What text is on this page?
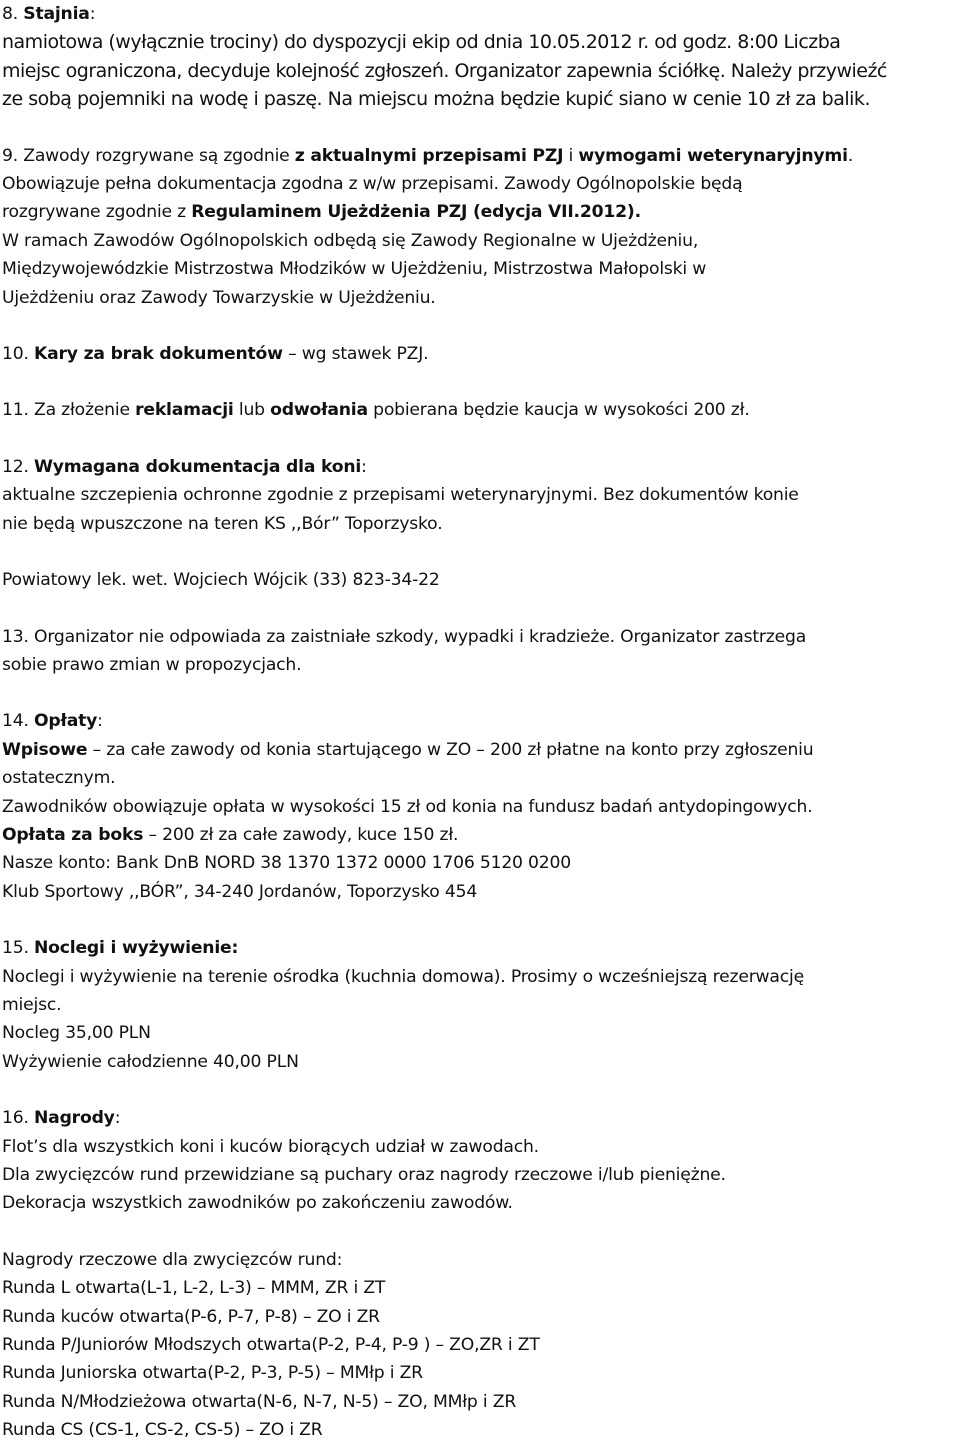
8. Stajnia:

namiotowa (wyłącznie trociny) do dyspozycji ekip od dnia 10.05.2012 r. od godz. 8:00 Liczba

miejsc ograniczona, decyduje kolejność zgłoszeń. Organizator zapewnia ściółkę. Należy przywieźć

ze sobą pojemniki na wodę i paszę. Na miejscu można będzie kupić siano w cenie 10 zł za balik.

9. Zawody rozgrywane są zgodnie z aktualnymi przepisami PZJ i wymogami weterynaryjnymi.

Obowiązuje pełna dokumentacja zgodna z w/w przepisami. Zawody Ogólnopolskie będą

rozgrywane zgodnie z Regulaminem Ujeżdżenia PZJ (edycja VII.2012).

W ramach Zawodów Ogólnopolskich odbędą się Zawody Regionalne w Ujeżdżeniu,

Międzywojewódzkie Mistrzostwa Młodzików w Ujeżdżeniu, Mistrzostwa Małopolski w

Ujeżdżeniu oraz Zawody Towarzyskie w Ujeżdżeniu.

10. Kary za brak dokumentów – wg stawek PZJ.

11. Za złożenie reklamacji lub odwołania pobierana będzie kaucja w wysokości 200 zł.

12. Wymagana dokumentacja dla koni:

aktualne szczepienia ochronne zgodnie z przepisami weterynaryjnymi. Bez dokumentów konie

nie będą wpuszczone na teren KS ,,Bór” Toporzysko.

Powiatowy lek. wet. Wojciech Wójcik (33) 823-34-22

13. Organizator nie odpowiada za zaistniałe szkody, wypadki i kradzieże. Organizator zastrzega

sobie prawo zmian w propozycjach.

14. Opłaty:

Wpisowe – za całe zawody od konia startującego w ZO – 200 zł płatne na konto przy zgłoszeniu

ostatecznym.

Zawodników obowiązuje opłata w wysokości 15 zł od konia na fundusz badań antydopingowych.

Opłata za boks – 200 zł za całe zawody, kuce 150 zł.

Nasze konto: Bank DnB NORD 38 1370 1372 0000 1706 5120 0200

Klub Sportowy ,,BÓR”, 34-240 Jordanów, Toporzysko 454

15. Noclegi i wyżywienie:

Noclegi i wyżywienie na terenie ośrodka (kuchnia domowa). Prosimy o wcześniejszą rezerwację

miejsc.

Nocleg 35,00 PLN

Wyżywienie całodzienne 40,00 PLN

16. Nagrody:

Flot’s dla wszystkich koni i kuców biorących udział w zawodach.

Dla zwycięzców rund przewidziane są puchary oraz nagrody rzeczowe i/lub pieniężne.

Dekoracja wszystkich zawodników po zakończeniu zawodów.

Nagrody rzeczowe dla zwycięzców rund:

Runda L otwarta(L-1, L-2, L-3) – MMM, ZR i ZT

Runda kuców otwarta(P-6, P-7, P-8) – ZO i ZR

Runda P/Juniorów Młodszych otwarta(P-2, P-4, P-9 ) – ZO,ZR i ZT

Runda Juniorska otwarta(P-2, P-3, P-5) – MMłp i ZR

Runda N/Młodzieżowa otwarta(N-6, N-7, N-5) – ZO, MMłp i ZR

Runda CS (CS-1, CS-2, CS-5) – ZO i ZR
